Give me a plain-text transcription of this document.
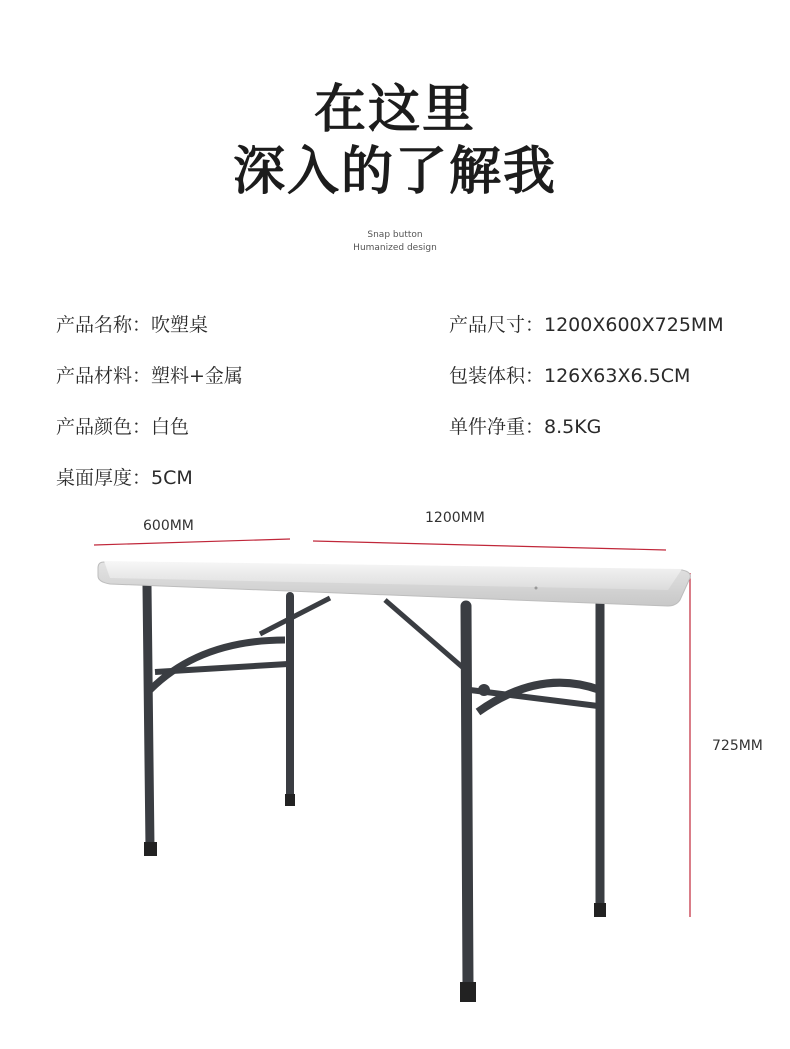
在这里
深入的了解我
Snap button
Humanized design
产品名称：吹塑桌
产品材料：塑料+金属
产品颜色：白色
桌面厚度：5CM
产品尺寸：1200X600X725MM
包装体积：126X63X6.5CM
单件净重：8.5KG
600MM	1200MM
725MM
